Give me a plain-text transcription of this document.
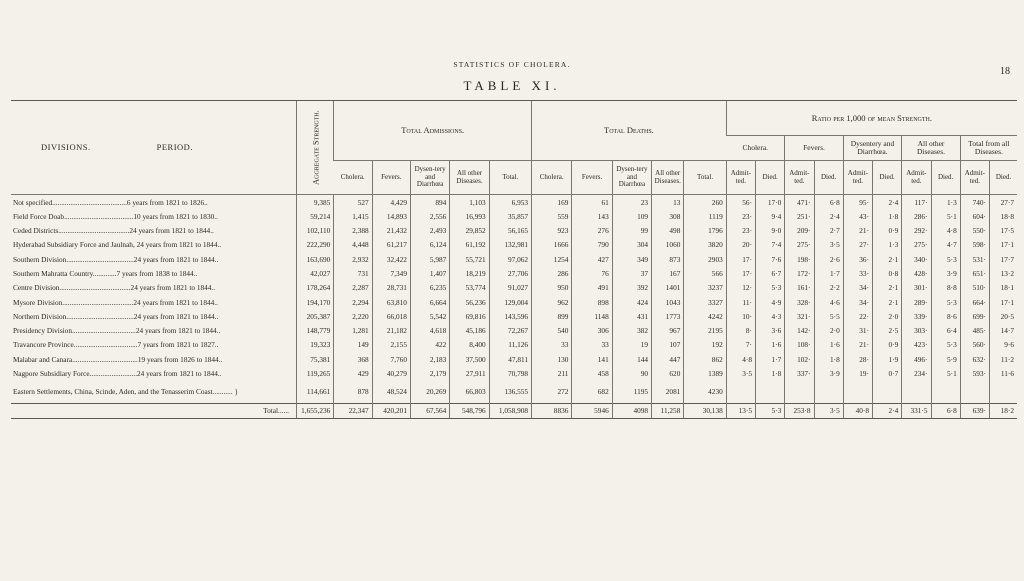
18
STATISTICS OF CHOLERA.
TABLE XI.
DIVISIONS. PERIOD.	Aggregate Strength.	Total Admissions.					Total Deaths.					Ratio per 1,000 of mean Strength.									
												Cholera.		Fevers.		Dysentery and Diarrhœa.		All other Diseases.		Total from all Diseases.	
		Cholera.	Fevers.	Dysen-tery and Diarrhœa	All other Diseases.	Total.	Cholera.	Fevers.	Dysen-tery and Diarrhœa	All other Diseases.	Total.	Admit-ted.	Died.	Admit-ted.	Died.	Admit-ted.	Died.	Admit-ted.	Died.	Admit-ted.	Died.
Not specified.........................................6 years from 1821 to 1826..	9,385	527	4,429	894	1,103	6,953	169	61	23	13	260	56·	17·0	471·	6·8	95·	2·4	117·	1·3	740·	27·7
Field Force Doab......................................10 years from 1821 to 1830..	59,214	1,415	14,893	2,556	16,993	35,857	559	143	109	308	1119	23·	9·4	251·	2·4	43·	1·8	286·	5·1	604·	18·8
Ceded Districts.......................................24 years from 1821 to 1844..	102,110	2,388	21,432	2,493	29,852	56,165	923	276	99	498	1796	23·	9·0	209·	2·7	21·	0·9	292·	4·8	550·	17·5
Hyderabad Subsidiary Force and Jaulnah, 24 years from 1821 to 1844..	222,290	4,448	61,217	6,124	61,192	132,981	1666	790	304	1060	3820	20·	7·4	275·	3·5	27·	1·3	275·	4·7	598·	17·1
Southern Division.....................................24 years from 1821 to 1844..	163,690	2,932	32,422	5,987	55,721	97,062	1254	427	349	873	2903	17·	7·6	198·	2·6	36·	2·1	340·	5·3	531·	17·7
Southern Mahratta Country.............7 years from 1838 to 1844..	42,027	731	7,349	1,407	18,219	27,706	286	76	37	167	566	17·	6·7	172·	1·7	33·	0·8	428·	3·9	651·	13·2
Centre Division.......................................24 years from 1821 to 1844..	178,264	2,287	28,731	6,235	53,774	91,027	950	491	392	1401	3237	12·	5·3	161·	2·2	34·	2·1	301·	8·8	510·	18·1
Mysore Division.......................................24 years from 1821 to 1844..	194,170	2,294	63,810	6,664	56,236	129,004	962	898	424	1043	3327	11·	4·9	328·	4·6	34·	2·1	289·	5·3	664·	17·1
Northern Division.....................................24 years from 1821 to 1844..	205,387	2,220	66,018	5,542	69,816	143,596	899	1148	431	1773	4242	10·	4·3	321·	5·5	22·	2·0	339·	8·6	699·	20·5
Presidency Division...................................24 years from 1821 to 1844..	148,779	1,281	21,182	4,618	45,186	72,267	540	306	382	967	2195	8·	3·6	142·	2·0	31·	2·5	303·	6·4	485·	14·7
Travancore Province...................................7 years from 1821 to 1827..	19,323	149	2,155	422	8,400	11,126	33	33	19	107	192	7·	1·6	108·	1·6	21·	0·9	423·	5·3	560·	9·6
Malabar and Canara....................................19 years from 1826 to 1844..	75,381	368	7,760	2,183	37,500	47,811	130	141	144	447	862	4·8	1·7	102·	1·8	28·	1·9	496·	5·9	632·	11·2
Nagpore Subsidiary Force..........................24 years from 1821 to 1844..	119,265	429	40,279	2,179	27,911	70,798	211	458	90	620	1389	3·5	1·8	337·	3·9	19·	0·7	234·	5·1	593·	11·6
Eastern Settlements, China, Scinde, Aden, and the Tenasserim Coast........... }	114,661	878	48,524	20,269	66,803	136,555	272	682	1195	2081	4230										

Total......	1,655,236	22,347	420,201	67,564	548,796	1,058,908	8836	5946	4098	11,258	30,138	13·5	5·3	253·8	3·5	40·8	2·4	331·5	6·8	639·	18·2
